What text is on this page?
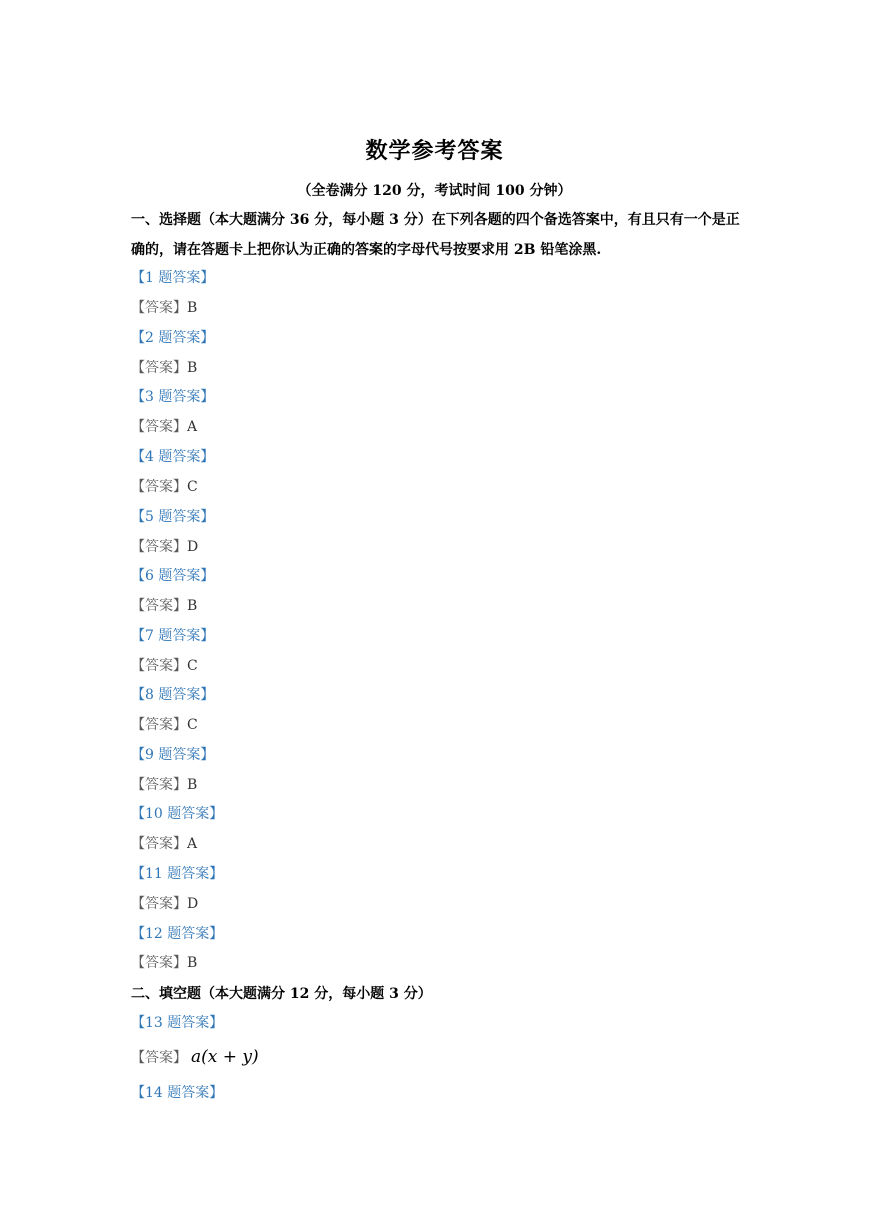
数学参考答案
（全卷满分 120 分，考试时间 100 分钟）
一、选择题（本大题满分 36 分，每小题 3 分）在下列各题的四个备选答案中，有且只有一个是正确的，请在答题卡上把你认为正确的答案的字母代号按要求用 2B 铅笔涂黑.
【1 题答案】
【答案】B
【2 题答案】
【答案】B
【3 题答案】
【答案】A
【4 题答案】
【答案】C
【5 题答案】
【答案】D
【6 题答案】
【答案】B
【7 题答案】
【答案】C
【8 题答案】
【答案】C
【9 题答案】
【答案】B
【10 题答案】
【答案】A
【11 题答案】
【答案】D
【12 题答案】
【答案】B
二、填空题（本大题满分 12 分，每小题 3 分）
【13 题答案】
【答案】 a(x + y)
【14 题答案】
